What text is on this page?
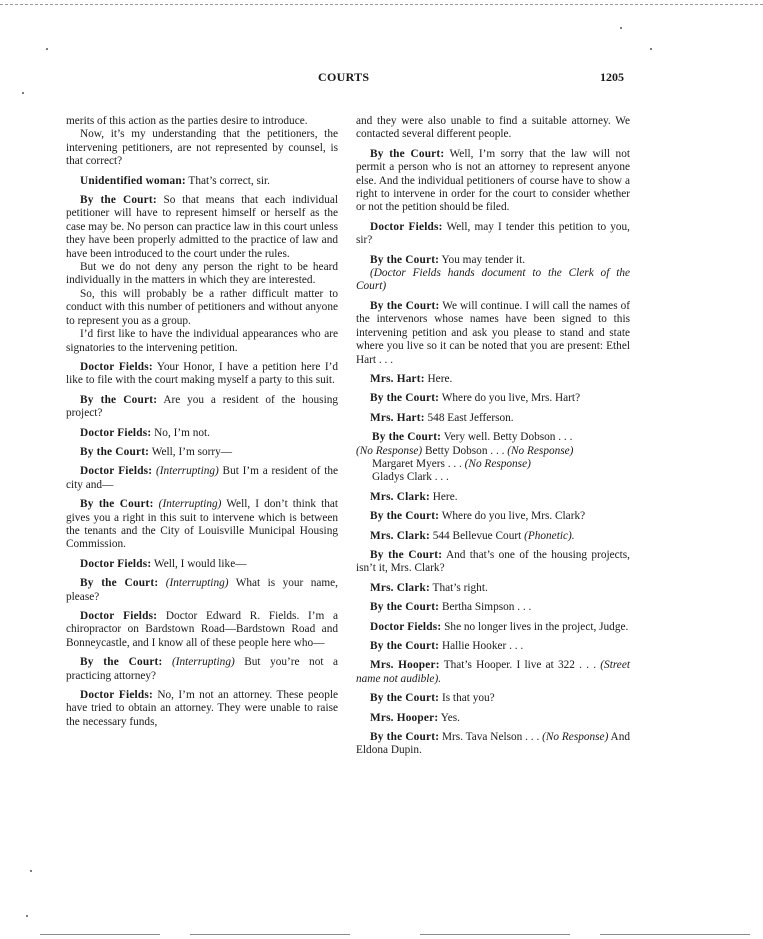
COURTS	1205

merits of this action as the parties desire to introduce.

Now, it’s my understanding that the petitioners, the intervening petitioners, are not represented by counsel, is that correct?

Unidentified woman : That’s correct, sir.

By the Court : So that means that each individual petitioner will have to represent himself or herself as the case may be. No person can practice law in this court unless they have been properly admitted to the practice of law and have been introduced to the court under the rules.

But we do not deny any person the right to be heard individually in the matters in which they are interested.

So, this will probably be a rather difficult matter to conduct with this number of petitioners and without anyone to represent you as a group.

I’d first like to have the individual appearances who are signatories to the intervening petition.

Doctor Fields : Your Honor, I have a petition here I’d like to file with the court making myself a party to this suit.

By the Court : Are you a resident of the housing project?

Doctor Fields : No, I’m not.

By the Court : Well, I’m sorry—

Doctor Fields : (Interrupting) But I’m a resident of the city and—

By the Court : (Interrupting) Well, I don’t think that gives you a right in this suit to intervene which is between the tenants and the City of Louisville Municipal Housing Commission.

Doctor Fields : Well, I would like—

By the Court : (Interrupting) What is your name, please?

Doctor Fields : Doctor Edward R. Fields. I’m a chiropractor on Bardstown Road—Bardstown Road and Bonneycastle, and I know all of these people here who—

By the Court : (Interrupting) But you’re not a practicing attorney?

Doctor Fields : No, I’m not an attorney. These people have tried to obtain an attorney. They were unable to raise the necessary funds,

and they were also unable to find a suitable attorney. We contacted several different people.

By the Court : Well, I’m sorry that the law will not permit a person who is not an attorney to represent anyone else. And the individual petitioners of course have to show a right to intervene in order for the court to consider whether or not the petition should be filed.

Doctor Fields : Well, may I tender this petition to you, sir?

By the Court : You may tender it.

(Doctor Fields hands document to the Clerk of the Court)

By the Court : We will continue. I will call the names of the intervenors whose names have been signed to this intervening petition and ask you please to stand and state where you live so it can be noted that you are present: Ethel Hart . . .

Mrs. Hart : Here.

By the Court : Where do you live, Mrs. Hart?

Mrs. Hart : 548 East Jefferson.

By the Court : Very well. Betty Dobson . . .
(No Response) Betty Dobson . . . (No Response)
Margaret Myers . . . (No Response)
Gladys Clark . . .

Mrs. Clark : Here.

By the Court : Where do you live, Mrs. Clark?

Mrs. Clark : 544 Bellevue Court (Phonetic).

By the Court : And that’s one of the housing projects, isn’t it, Mrs. Clark?

Mrs. Clark : That’s right.

By the Court : Bertha Simpson . . .

Doctor Fields : She no longer lives in the project, Judge.

By the Court : Hallie Hooker . . .

Mrs. Hooper : That’s Hooper. I live at 322 . . . (Street name not audible).

By the Court : Is that you?

Mrs. Hooper : Yes.

By the Court : Mrs. Tava Nelson . . . (No Response) And Eldona Dupin.
